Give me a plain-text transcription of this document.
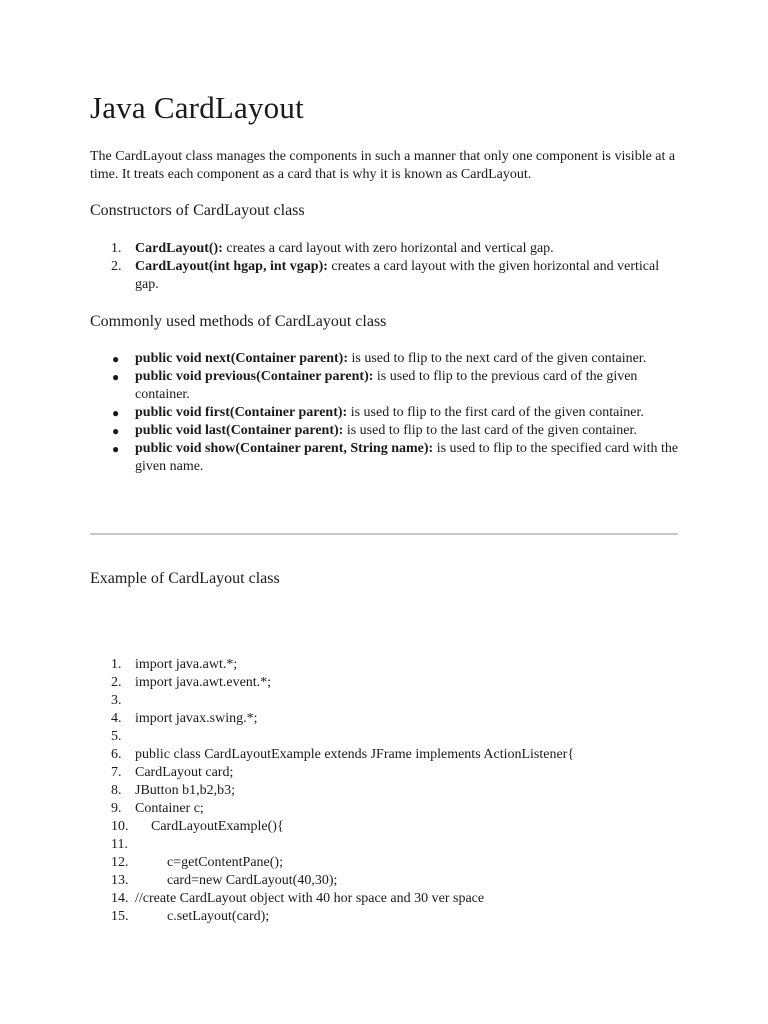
Java CardLayout

The CardLayout class manages the components in such a manner that only one component is visible at a time. It treats each component as a card that is why it is known as CardLayout.

Constructors of CardLayout class
1. CardLayout(): creates a card layout with zero horizontal and vertical gap.
2. CardLayout(int hgap, int vgap): creates a card layout with the given horizontal and vertical gap.
Commonly used methods of CardLayout class
● public void next(Container parent): is used to flip to the next card of the given container.
● public void previous(Container parent): is used to flip to the previous card of the given container.
● public void first(Container parent): is used to flip to the first card of the given container.
● public void last(Container parent): is used to flip to the last card of the given container.
● public void show(Container parent, String name): is used to flip to the specified card with the given name.
Example of CardLayout class
1. import java.awt.*;
2. import java.awt.event.*;
3.
4. import javax.swing.*;
5.
6. public class CardLayoutExample extends JFrame implements ActionListener{
7. CardLayout card;
8. JButton b1,b2,b3;
9. Container c;
10. CardLayoutExample(){
11.
12.	c=getContentPane();
13.	card=new CardLayout(40,30);
14. //create CardLayout object with 40 hor space and 30 ver space
15.	c.setLayout(card);
